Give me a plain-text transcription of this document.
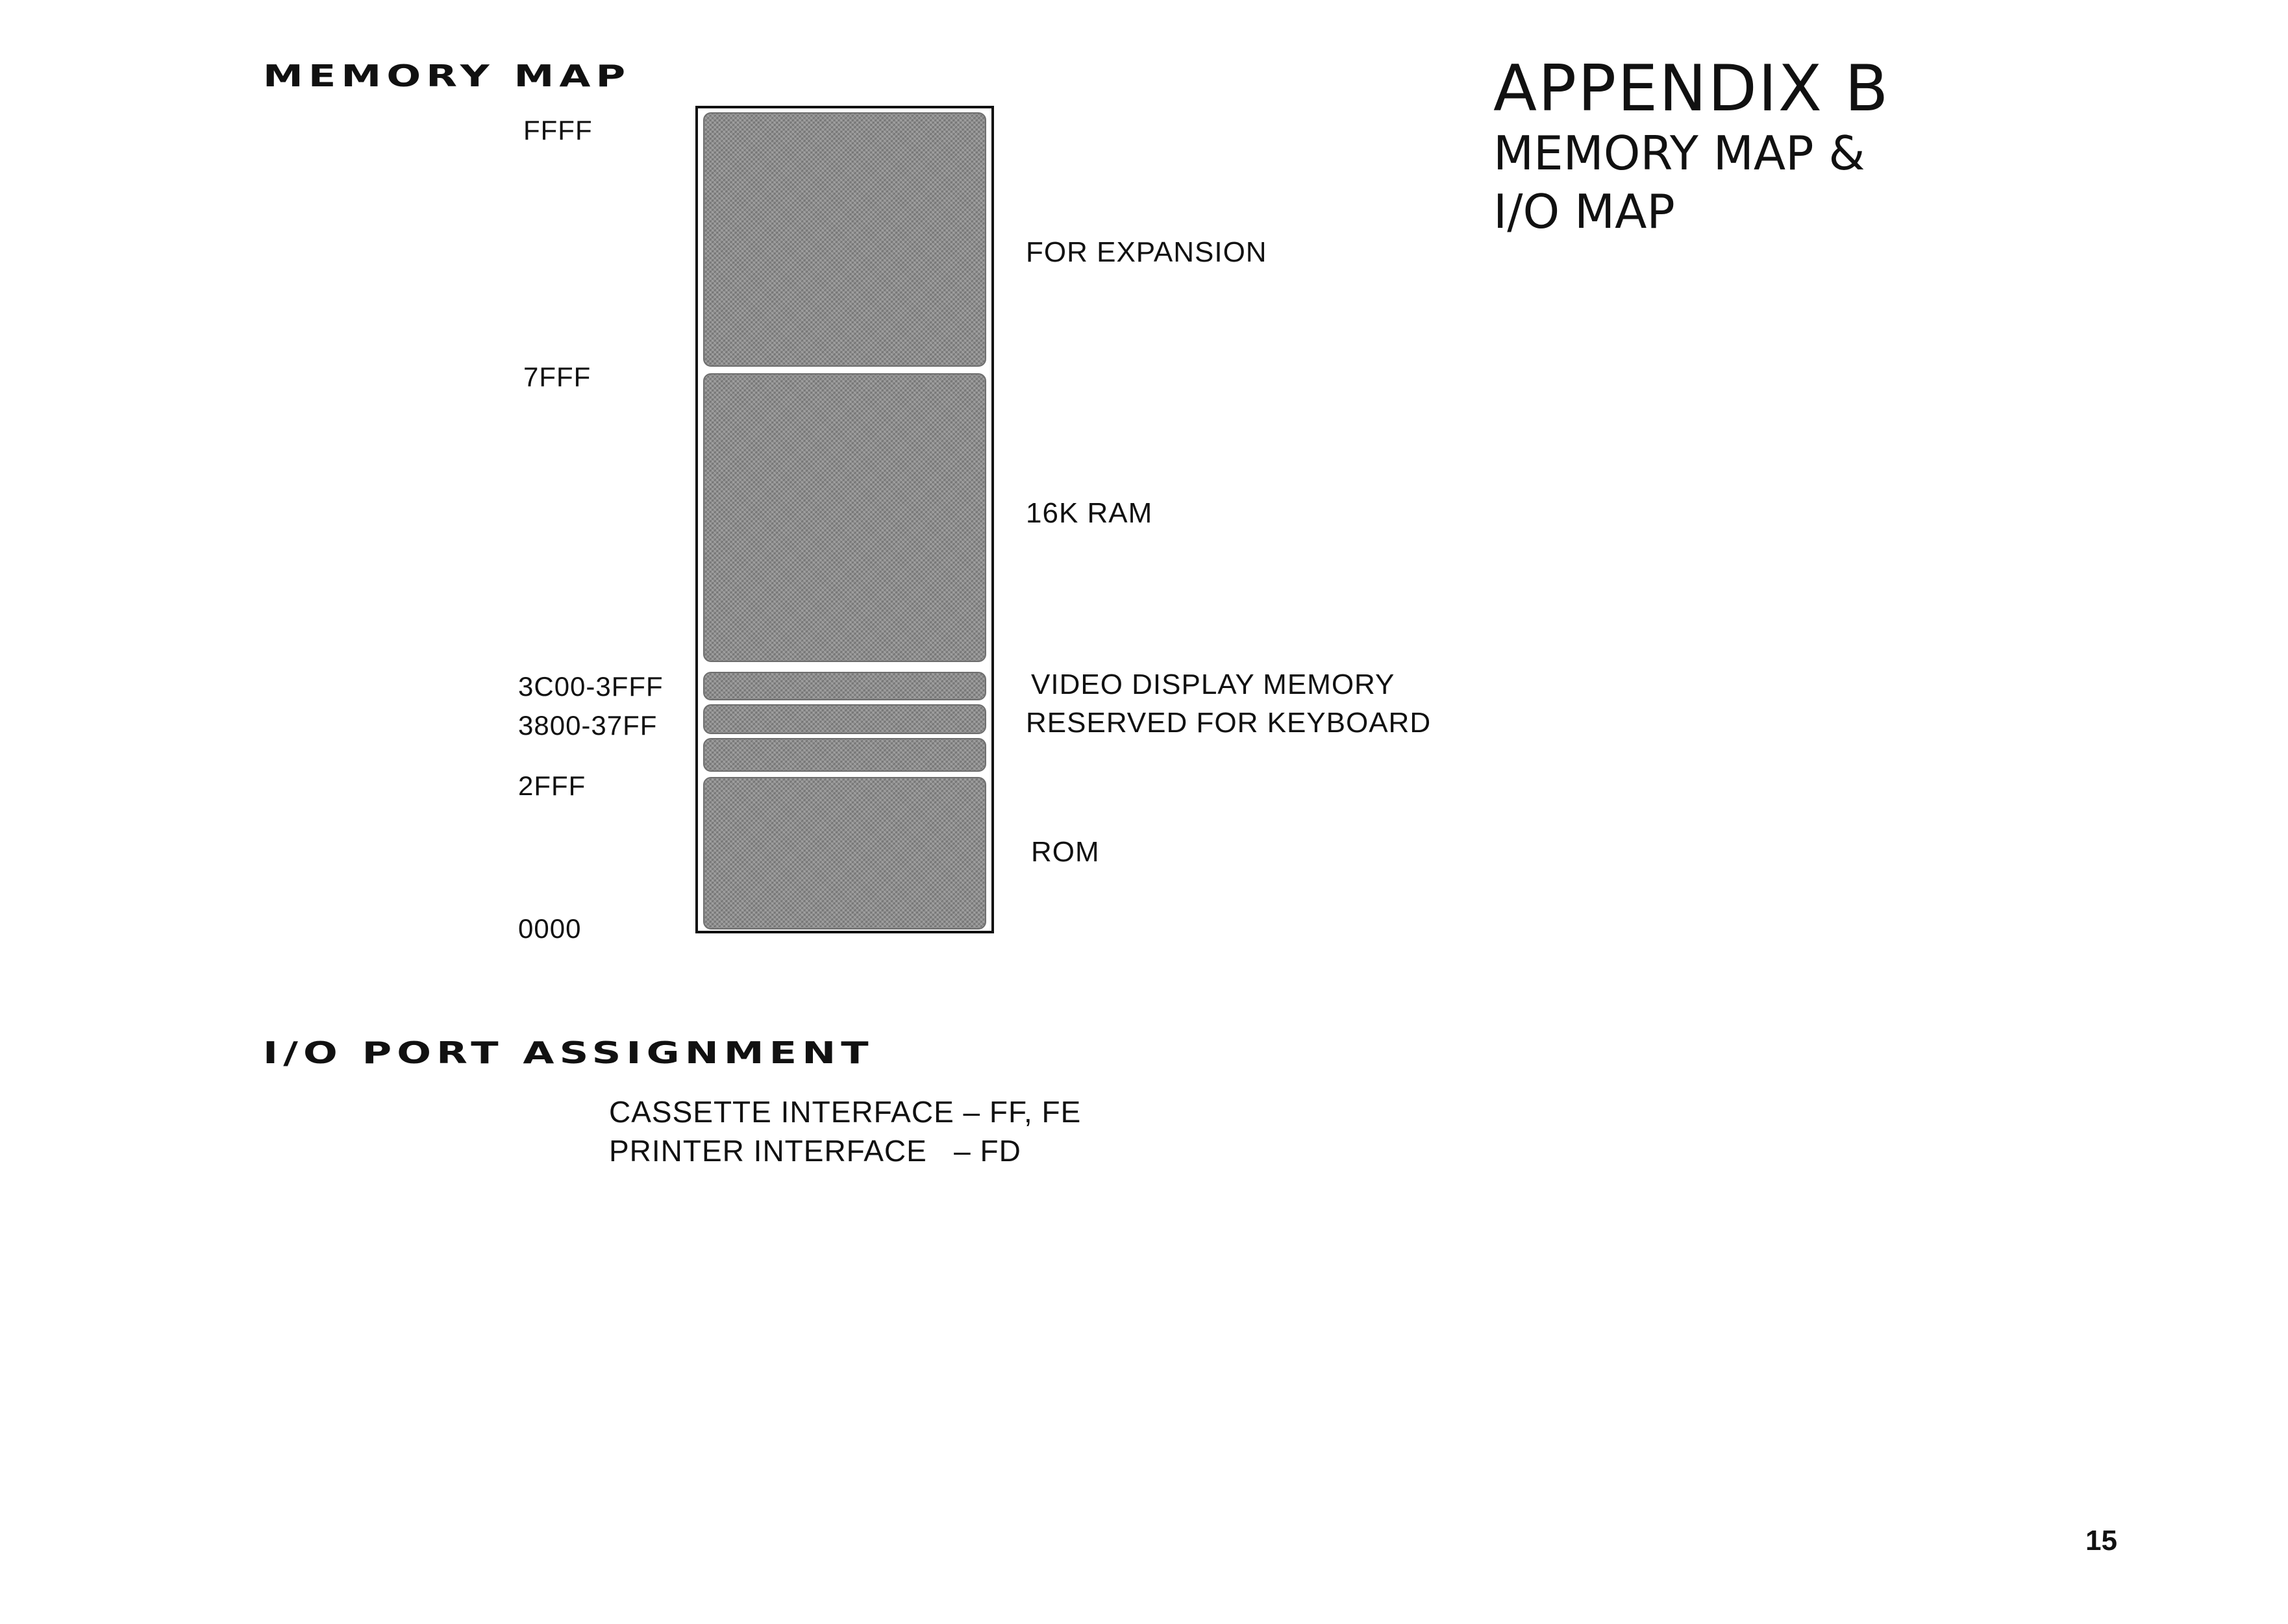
MEMORY MAP
FFFF
7FFF
3C00-3FFF
3800-37FF
2FFF
0000
FOR EXPANSION
16K RAM
VIDEO DISPLAY MEMORY
RESERVED FOR KEYBOARD
ROM
APPENDIX B
MEMORY MAP &
I/O MAP
I/O PORT ASSIGNMENT
CASSETTE INTERFACE – FF, FE
PRINTER INTERFACE   – FD
15
